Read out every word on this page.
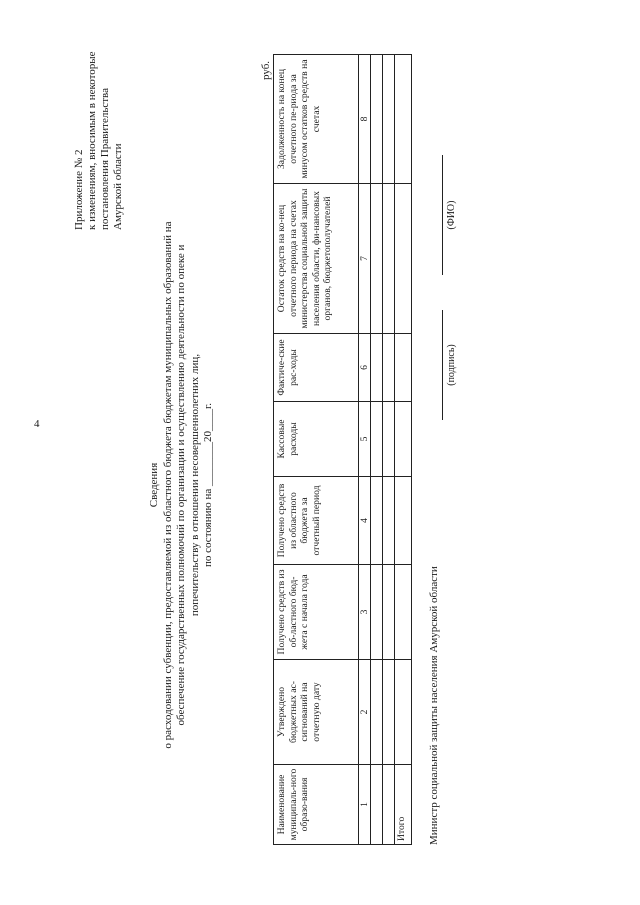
4
Приложение № 2 к изменениям, вносимым в некоторые постановления Правительства Амурской области
Сведения о расходовании субвенции, предоставляемой из областного бюджета бюджетам муниципальных образований на обеспечение государственных полномочий по организации и осуществлению деятельности по опеке и попечительству в отношении несовершеннолетних лиц, по состоянию на ________20____г.
руб.
Наименование муниципаль-ного образо-вания	Утверждено бюджетных ас-сигнований на отчетную дату	Получено средств из об-ластного бюд-жета с начала года	Получено средств из областного бюджета за отчетный период	Кассовые расходы	Фактиче-ские рас-ходы	Остаток средств на ко-нец отчетного периода на счетах министерства социальной защиты населения области, фи-нансовых органов, бюджетополучателей	Задолженность на конец отчетного пе-риода за минусом остатков средств на счетах
1	2	3	4	5	6	7	8

Итого							Министр социальной защиты населения Амурской области
(подпись)
(ФИО)
